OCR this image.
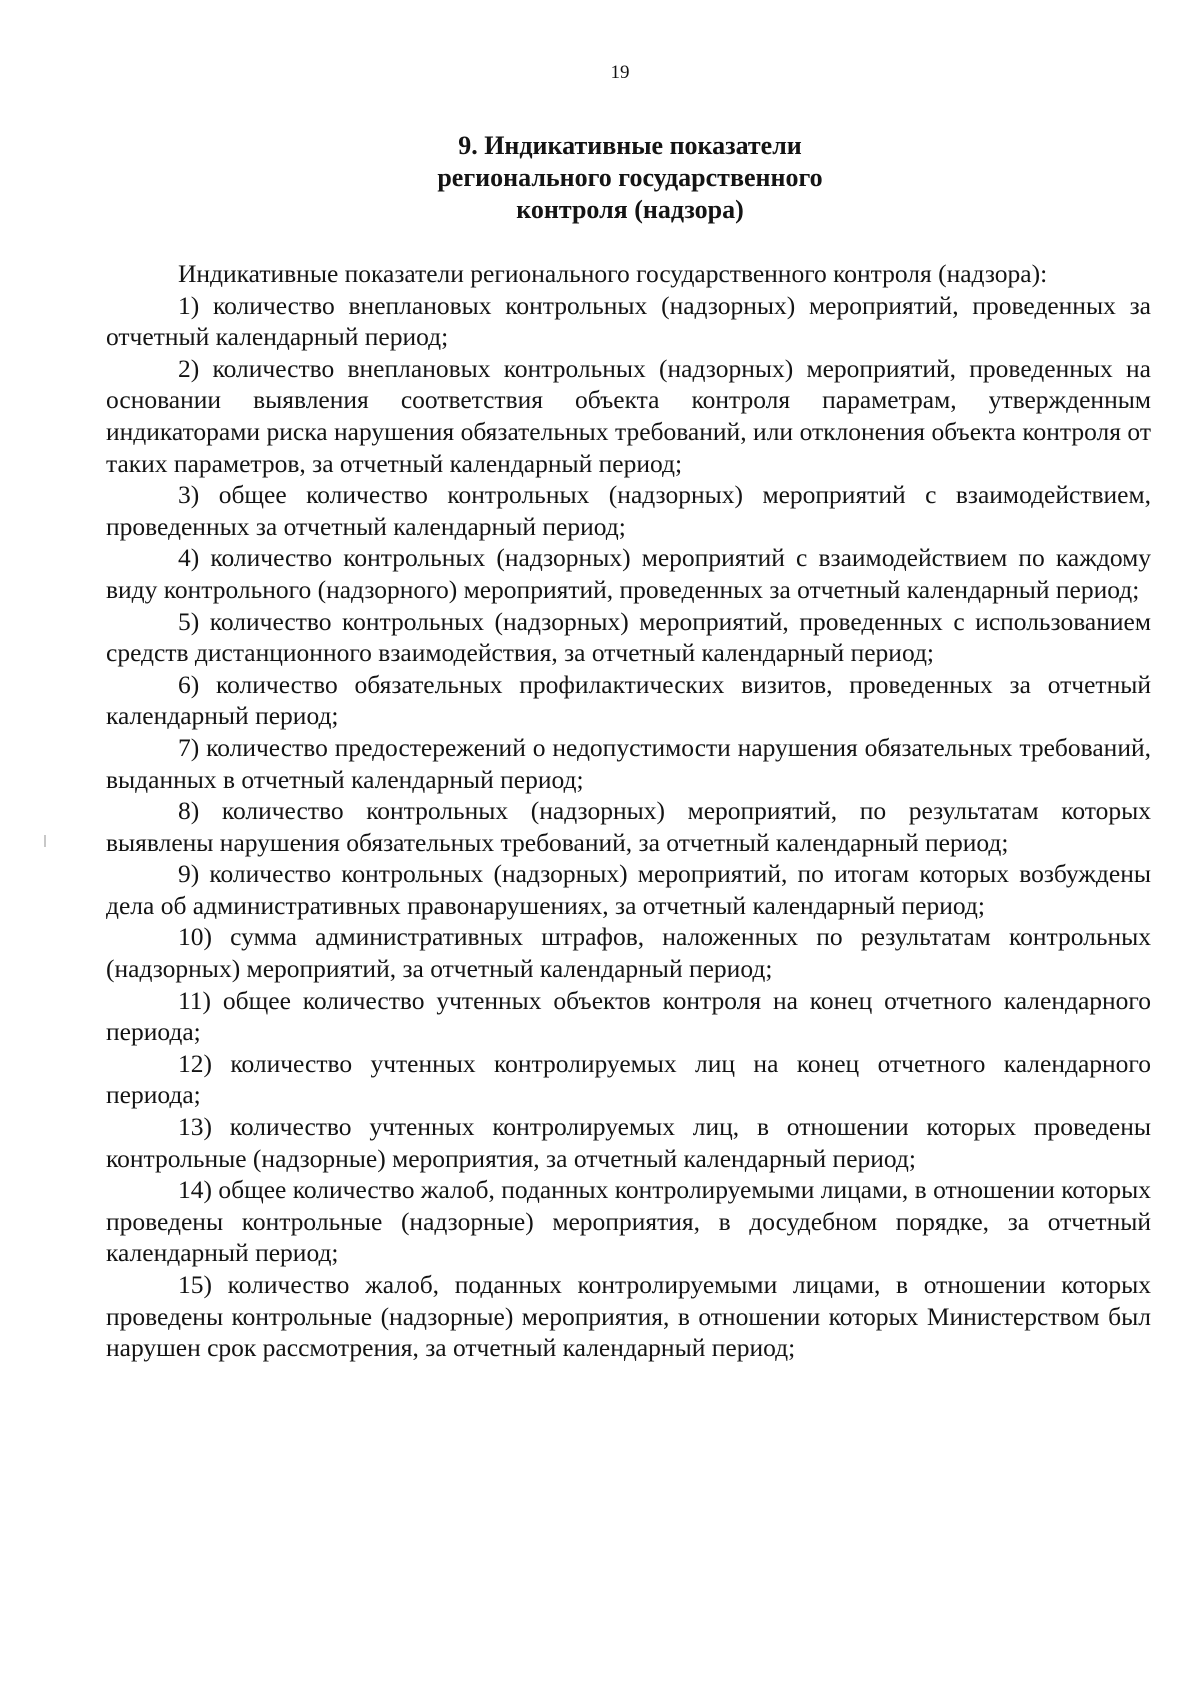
19
9. Индикативные показатели
регионального государственного
контроля (надзора)

Индикативные показатели регионального государственного контроля (надзора):

1) количество внеплановых контрольных (надзорных) мероприятий, проведенных за отчетный календарный период;

2) количество внеплановых контрольных (надзорных) мероприятий, проведенных на основании выявления соответствия объекта контроля параметрам, утвержденным индикаторами риска нарушения обязательных требований, или отклонения объекта контроля от таких параметров, за отчетный календарный период;

3) общее количество контрольных (надзорных) мероприятий с взаимодействием, проведенных за отчетный календарный период;

4) количество контрольных (надзорных) мероприятий с взаимодействием по каждому виду контрольного (надзорного) мероприятий, проведенных за отчетный календарный период;

5) количество контрольных (надзорных) мероприятий, проведенных с использованием средств дистанционного взаимодействия, за отчетный календарный период;

6) количество обязательных профилактических визитов, проведенных за отчетный календарный период;

7) количество предостережений о недопустимости нарушения обязательных требований, выданных в отчетный календарный период;

8) количество контрольных (надзорных) мероприятий, по результатам которых выявлены нарушения обязательных требований, за отчетный календарный период;

9) количество контрольных (надзорных) мероприятий, по итогам которых возбуждены дела об административных правонарушениях, за отчетный календарный период;

10) сумма административных штрафов, наложенных по результатам контрольных (надзорных) мероприятий, за отчетный календарный период;

11) общее количество учтенных объектов контроля на конец отчетного календарного периода;

12) количество учтенных контролируемых лиц на конец отчетного календарного периода;

13) количество учтенных контролируемых лиц, в отношении которых проведены контрольные (надзорные) мероприятия, за отчетный календарный период;

14) общее количество жалоб, поданных контролируемыми лицами, в отношении которых проведены контрольные (надзорные) мероприятия, в досудебном порядке, за отчетный календарный период;

15) количество жалоб, поданных контролируемыми лицами, в отношении которых проведены контрольные (надзорные) мероприятия, в отношении которых Министерством был нарушен срок рассмотрения, за отчетный календарный период;
